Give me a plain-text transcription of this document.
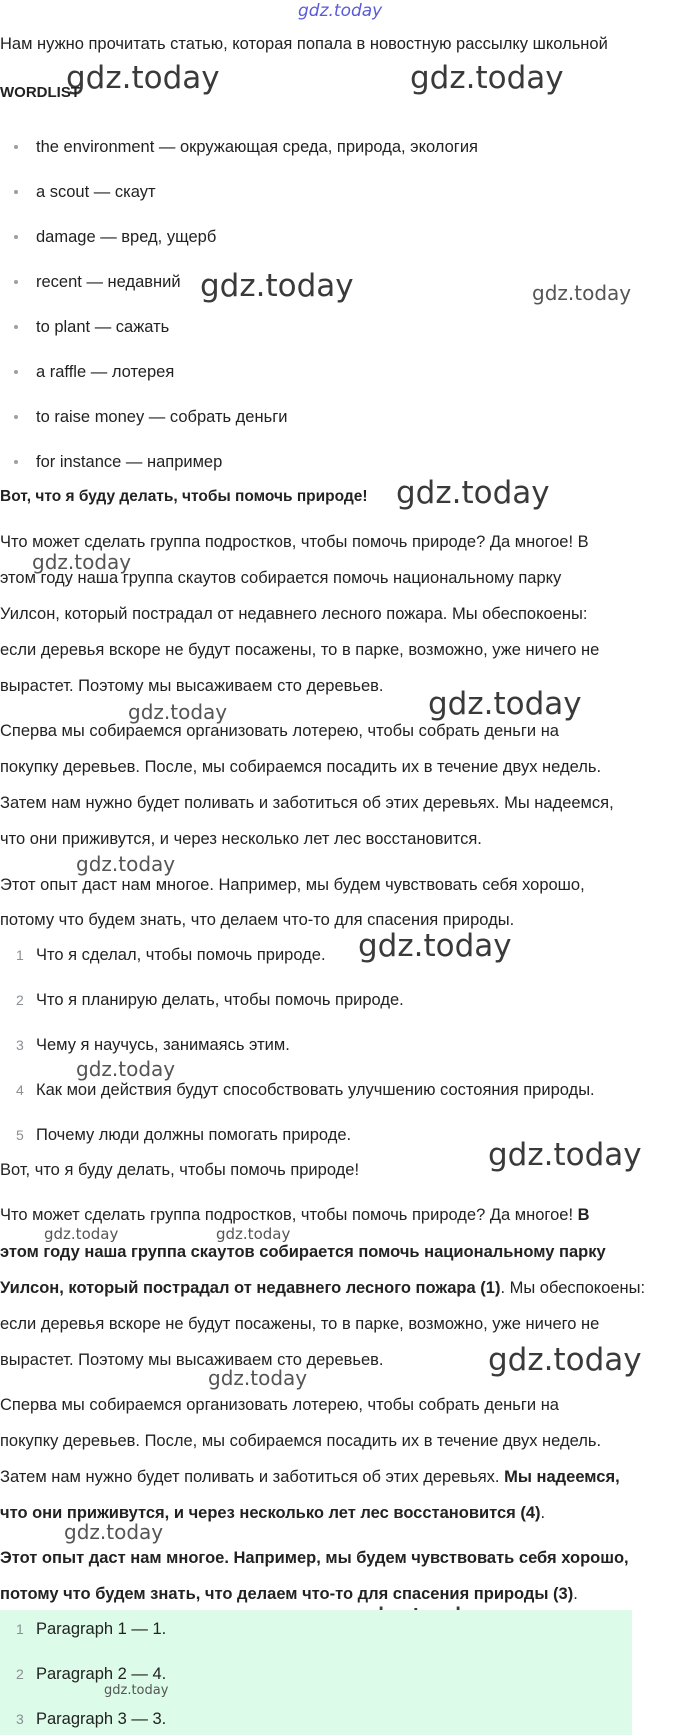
gdz.today
gdz.today	gdz.today
gdz.today	gdz.today
gdz.today
gdz.today
gdz.today	gdz.today
gdz.today
gdz.today
gdz.today
gdz.today
gdz.today	gdz.today
gdz.today
gdz.today
gdz.today
Нам нужно прочитать статью, которая попала в новостную рассылку школьной
WORDLIST
the environment — окружающая среда, природа, экология
a scout — скаут
damage — вред, ущерб
recent — недавний
to plant — сажать
a raffle — лотерея
to raise money — собрать деньги
for instance — например
Вот, что я буду делать, чтобы помочь природе!
Что может сделать группа подростков, чтобы помочь природе? Да многое! В
этом году наша группа скаутов собирается помочь национальному парку
Уилсон, который пострадал от недавнего лесного пожара. Мы обеспокоены:
если деревья вскоре не будут посажены, то в парке, возможно, уже ничего не
вырастет. Поэтому мы высаживаем сто деревьев.
Сперва мы собираемся организовать лотерею, чтобы собрать деньги на
покупку деревьев. После, мы собираемся посадить их в течение двух недель.
Затем нам нужно будет поливать и заботиться об этих деревьях. Мы надеемся,
что они приживутся, и через несколько лет лес восстановится.
Этот опыт даст нам многое. Например, мы будем чувствовать себя хорошо,
потому что будем знать, что делаем что-то для спасения природы.
1 Что я сделал, чтобы помочь природе.
2 Что я планирую делать, чтобы помочь природе.
3 Чему я научусь, занимаясь этим.
4 Как мои действия будут способствовать улучшению состояния природы.
5 Почему люди должны помогать природе.
Вот, что я буду делать, чтобы помочь природе!
Что может сделать группа подростков, чтобы помочь природе? Да многое! В
этом году наша группа скаутов собирается помочь национальному парку
Уилсон, который пострадал от недавнего лесного пожара (1). Мы обеспокоены:
если деревья вскоре не будут посажены, то в парке, возможно, уже ничего не
вырастет. Поэтому мы высаживаем сто деревьев.
Сперва мы собираемся организовать лотерею, чтобы собрать деньги на
покупку деревьев. После, мы собираемся посадить их в течение двух недель.
Затем нам нужно будет поливать и заботиться об этих деревьях. Мы надеемся,
что они приживутся, и через несколько лет лес восстановится (4).
Этот опыт даст нам многое. Например, мы будем чувствовать себя хорошо,
потому что будем знать, что делаем что-то для спасения природы (3).
1 Paragraph 1 — 1.
2 Paragraph 2 — 4.
3 Paragraph 3 — 3.
gdz.today
